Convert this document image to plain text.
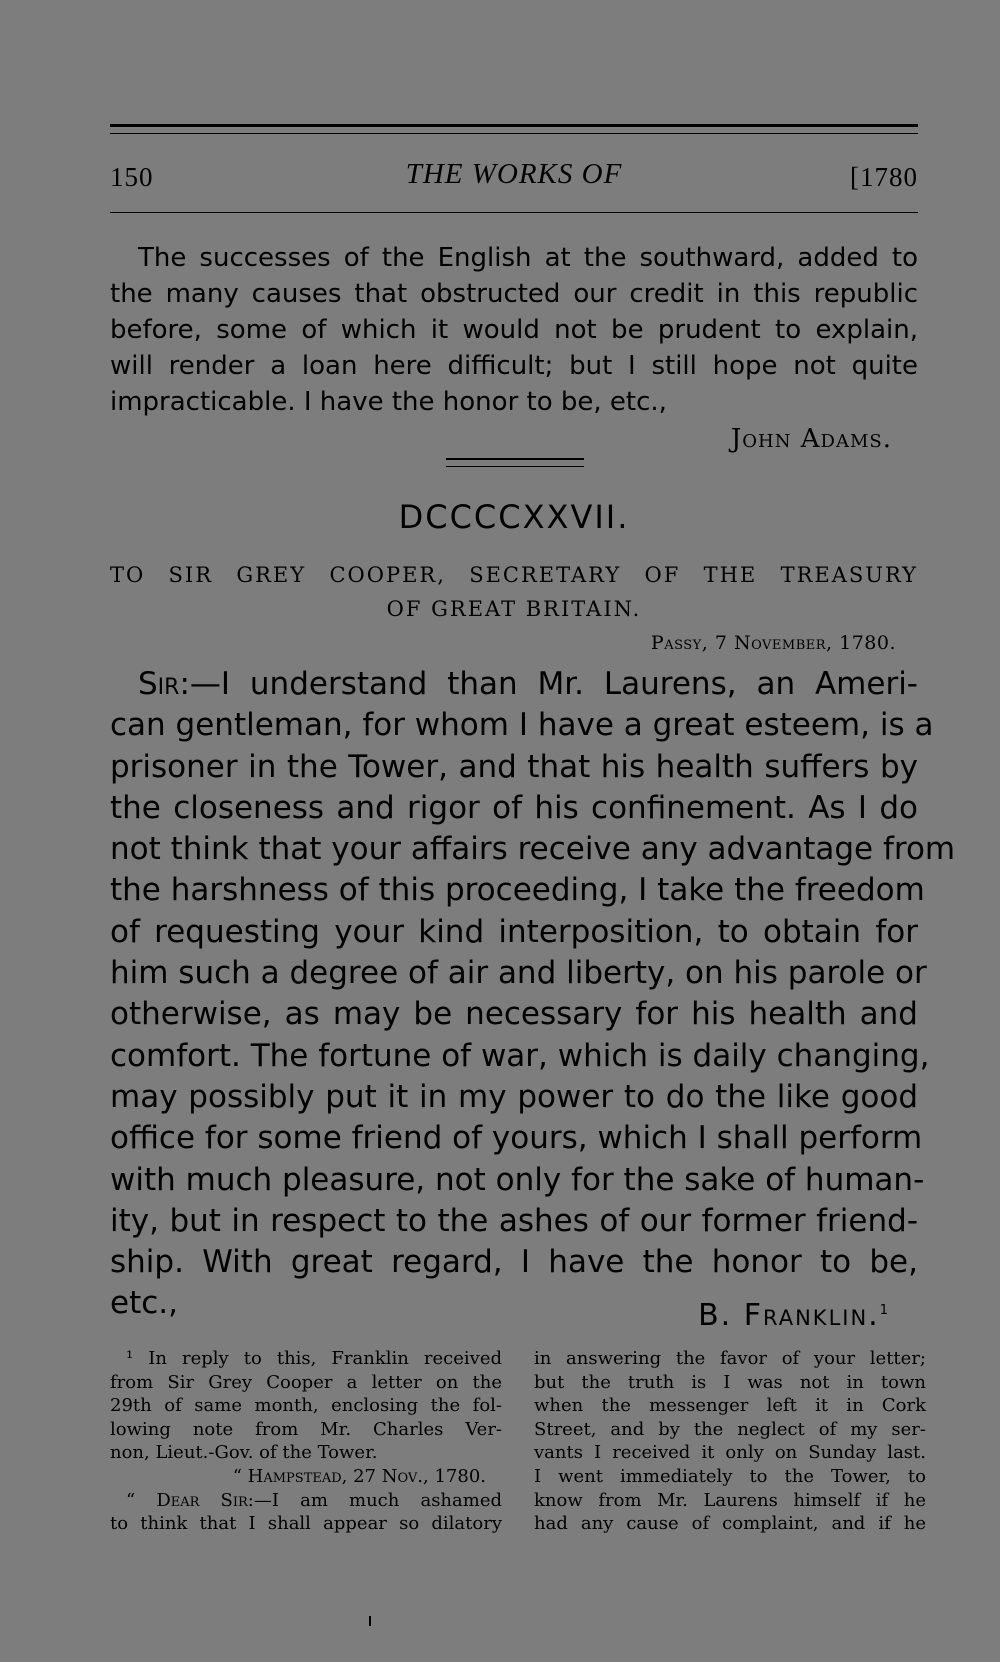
150	THE WORKS OF	[1780
The successes of the English at the southward, added to
the many causes that obstructed our credit in this republic
before, some of which it would not be prudent to explain,
will render a loan here difficult; but I still hope not quite
impracticable. I have the honor to be, etc.,
John Adams.
DCCCCXXVII.
TO SIR GREY COOPER, SECRETARY OF THE TREASURY
OF GREAT BRITAIN.
Passy, 7 November, 1780.
Sir:—I understand than Mr. Laurens, an Ameri-
can gentleman, for whom I have a great esteem, is a
prisoner in the Tower, and that his health suffers by
the closeness and rigor of his confinement. As I do
not think that your affairs receive any advantage from
the harshness of this proceeding, I take the freedom
of requesting your kind interposition, to obtain for
him such a degree of air and liberty, on his parole or
otherwise, as may be necessary for his health and
comfort. The fortune of war, which is daily changing,
may possibly put it in my power to do the like good
office for some friend of yours, which I shall perform
with much pleasure, not only for the sake of human-
ity, but in respect to the ashes of our former friend-
ship. With great regard, I have the honor to be,
etc.,	B. Franklin.$^1$
¹ In reply to this, Franklin received
from Sir Grey Cooper a letter on the
29th of same month, enclosing the fol-
lowing note from Mr. Charles Ver-
non, Lieut.-Gov. of the Tower.
“ Hampstead, 27 Nov., 1780.
“ Dear Sir:—I am much ashamed
to think that I shall appear so dilatory
in answering the favor of your letter;
but the truth is I was not in town
when the messenger left it in Cork
Street, and by the neglect of my ser-
vants I received it only on Sunday last.
I went immediately to the Tower, to
know from Mr. Laurens himself if he
had any cause of complaint, and if he
